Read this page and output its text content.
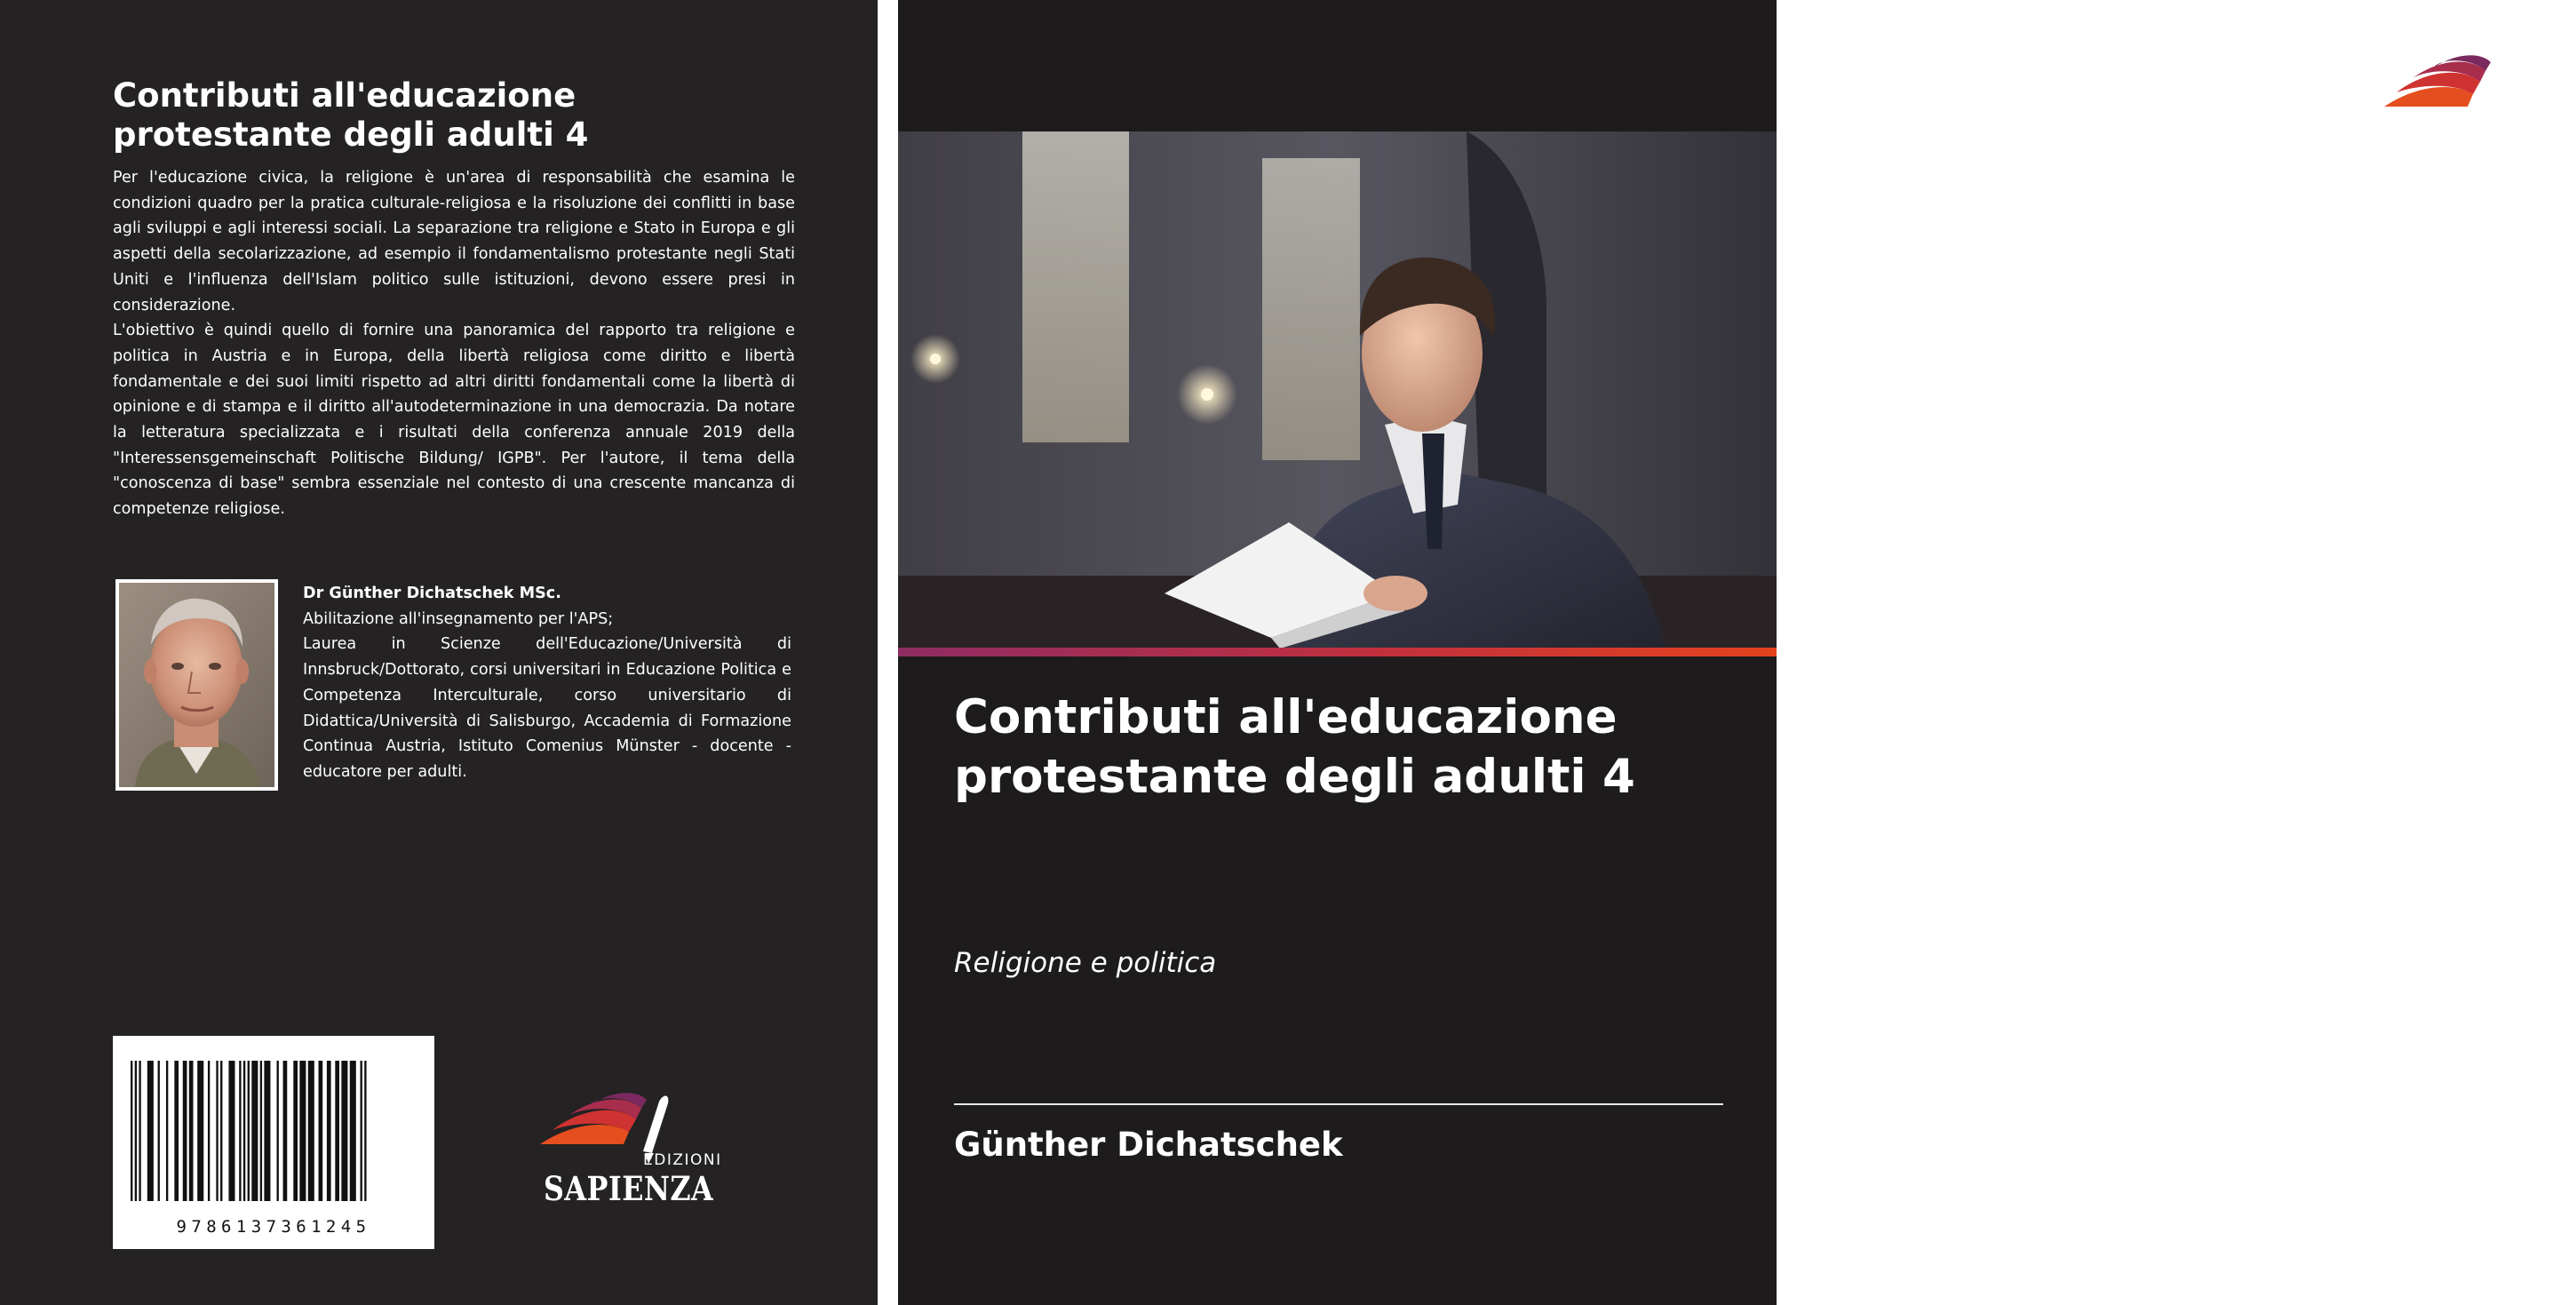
Contributi all'educazione
protestante degli adulti 4

Per l'educazione civica, la religione è un'area di responsabilità che esamina le condizioni quadro per la pratica culturale-religiosa e la risoluzione dei conflitti in base agli sviluppi e agli interessi sociali. La separazione tra religione e Stato in Europa e gli aspetti della secolarizzazione, ad esempio il fondamentalismo protestante negli Stati Uniti e l'influenza dell'Islam politico sulle istituzioni, devono essere presi in considerazione.

L'obiettivo è quindi quello di fornire una panoramica del rapporto tra religione e politica in Austria e in Europa, della libertà religiosa come diritto e libertà fondamentale e dei suoi limiti rispetto ad altri diritti fondamentali come la libertà di opinione e di stampa e il diritto all'autodeterminazione in una democrazia. Da notare la letteratura specializzata e i risultati della conferenza annuale 2019 della "Interessensgemeinschaft Politische Bildung/ IGPB". Per l'autore, il tema della "conoscenza di base" sembra essenziale nel contesto di una crescente mancanza di competenze religiose.

Dr Günther Dichatschek MSc.
Abilitazione all'insegnamento per l'APS;
Laurea in Scienze dell'Educazione/Università di Innsbruck/Dottorato, corsi universitari in Educazione Politica e Competenza Interculturale, corso universitario di Didattica/Università di Salisburgo, Accademia di Formazione Continua Austria, Istituto Comenius Münster - docente - educatore per adulti.
9786137361245
EDIZIONI
SAPIENZA
EDIZIONI
SAPIENZA
Contributi all'educazione protestante degli adulti 4
Religione e politica
Günther Dichatschek
